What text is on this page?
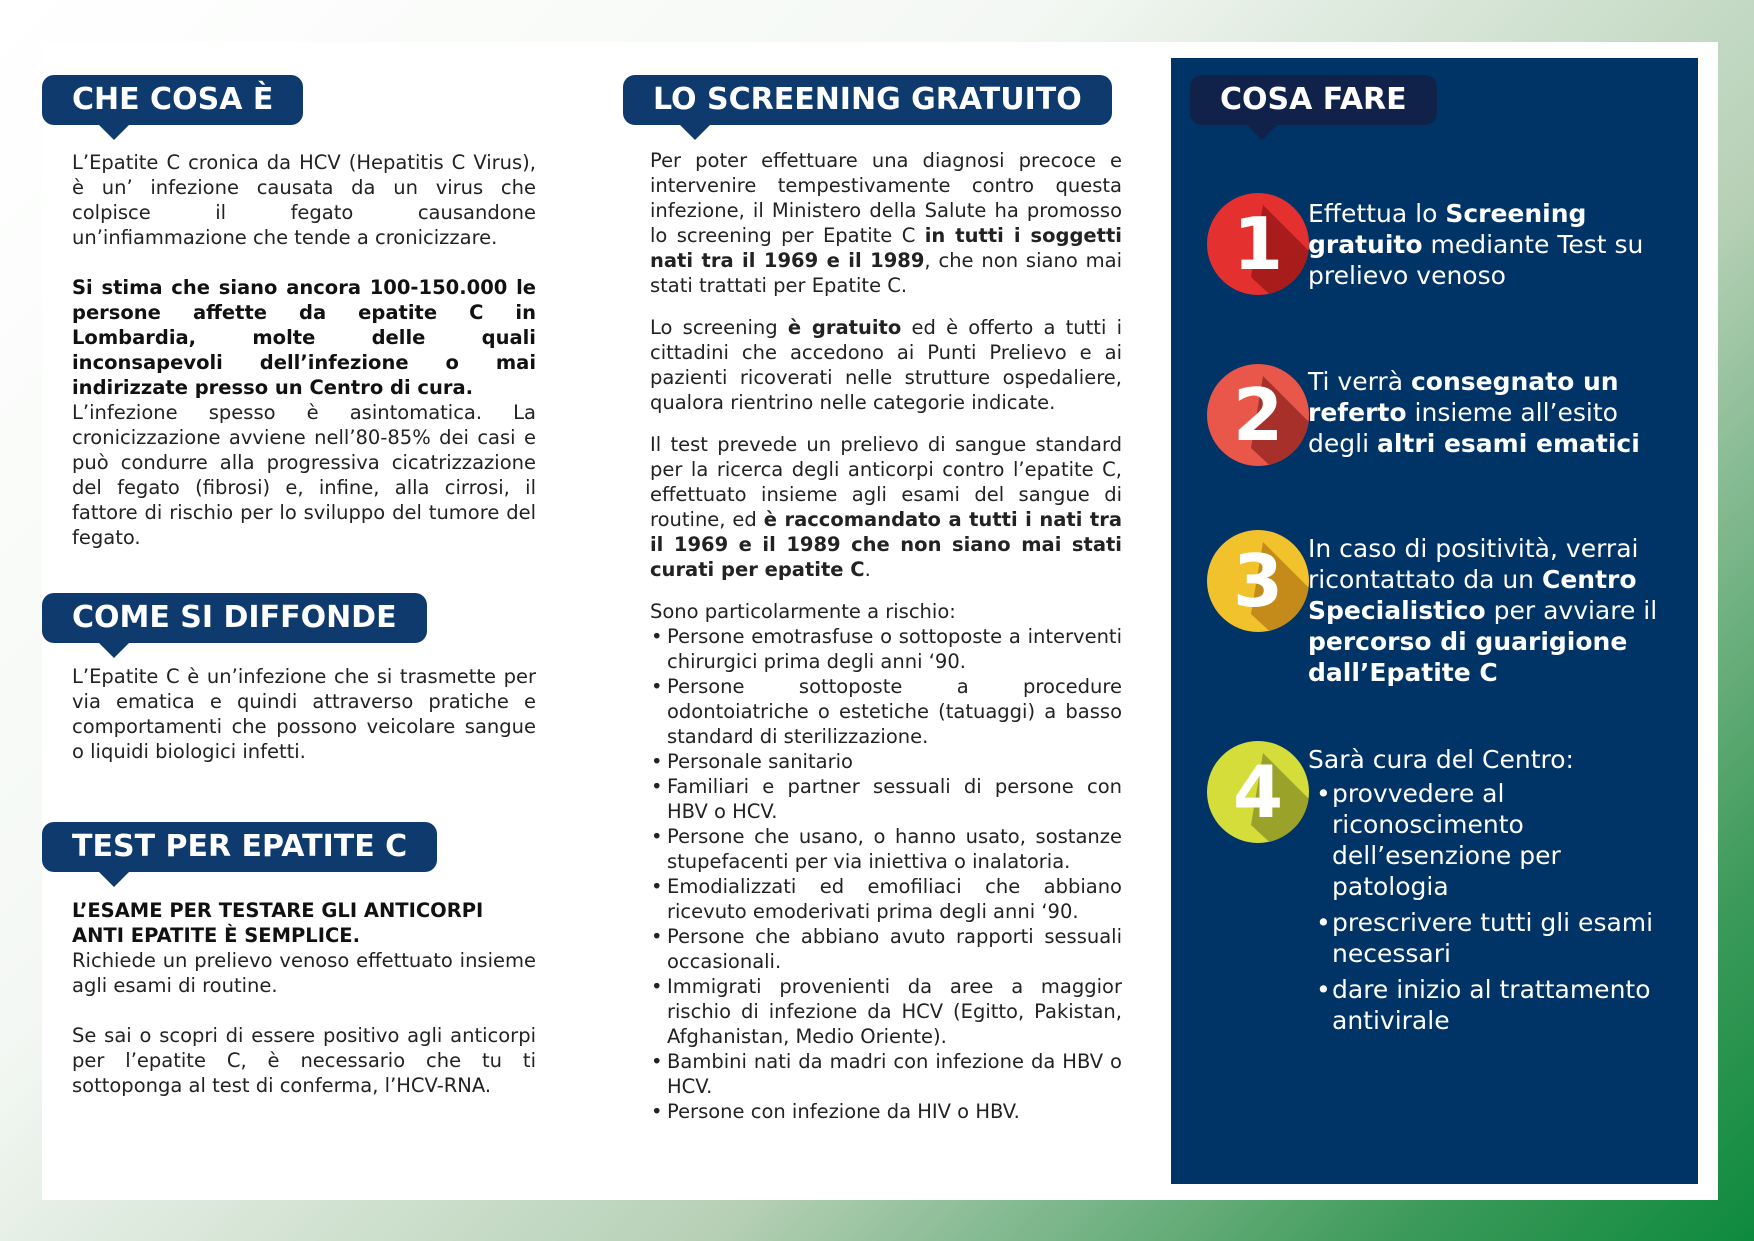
CHE COSA È

L’Epatite C cronica da HCV (Hepatitis C Virus), è un’ infezione causata da un virus che colpisce il fegato causandone un’infiammazione che tende a cronicizzare.

Si stima che siano ancora 100-150.000 le persone affette da epatite C in Lombardia, molte delle quali inconsapevoli dell’infezione o mai indirizzate presso un Centro di cura.

L’infezione spesso è asintomatica. La cronicizzazione avviene nell’80-85% dei casi e può condurre alla progressiva cicatrizzazione del fegato (fibrosi) e, infine, alla cirrosi, il fattore di rischio per lo sviluppo del tumore del fegato.

COME SI DIFFONDE

L’Epatite C è un’infezione che si trasmette per via ematica e quindi attraverso pratiche e comportamenti che possono veicolare sangue o liquidi biologici infetti.

TEST PER EPATITE C

L’ESAME PER TESTARE GLI ANTICORPI ANTI EPATITE È SEMPLICE.

Richiede un prelievo venoso effettuato insieme agli esami di routine.

Se sai o scopri di essere positivo agli anticorpi per l’epatite C, è necessario che tu ti sottoponga al test di conferma, l’HCV-RNA.

LO SCREENING GRATUITO

Per poter effettuare una diagnosi precoce e intervenire tempestivamente contro questa infezione, il Ministero della Salute ha promosso lo screening per Epatite C in tutti i soggetti nati tra il 1969 e il 1989, che non siano mai stati trattati per Epatite C.

Lo screening è gratuito ed è offerto a tutti i cittadini che accedono ai Punti Prelievo e ai pazienti ricoverati nelle strutture ospedaliere, qualora rientrino nelle categorie indicate.

Il test prevede un prelievo di sangue standard per la ricerca degli anticorpi contro l’epatite C, effettuato insieme agli esami del sangue di routine, ed è raccomandato a tutti i nati tra il 1969 e il 1989 che non siano mai stati curati per epatite C.

Sono particolarmente a rischio:
• Persone emotrasfuse o sottoposte a interventi chirurgici prima degli anni ‘90.
• Persone sottoposte a procedure odontoiatriche o estetiche (tatuaggi) a basso standard di sterilizzazione.
• Personale sanitario
• Familiari e partner sessuali di persone con HBV o HCV.
• Persone che usano, o hanno usato, sostanze stupefacenti per via iniettiva o inalatoria.
• Emodializzati ed emofiliaci che abbiano ricevuto emoderivati prima degli anni ‘90.
• Persone che abbiano avuto rapporti sessuali occasionali.
• Immigrati provenienti da aree a maggior rischio di infezione da HCV (Egitto, Pakistan, Afghanistan, Medio Oriente).
• Bambini nati da madri con infezione da HBV o HCV.
• Persone con infezione da HIV o HBV.
COSA FARE
1 Effettua lo Screening gratuito mediante Test su prelievo venoso

2 Ti verrà consegnato un referto insieme all’esito degli altri esami ematici

3 In caso di positività, verrai ricontattato da un Centro Specialistico per avviare il percorso di guarigione dall’Epatite C

4 Sarà cura del Centro:
• provvedere al riconoscimento dell’esenzione per patologia
• prescrivere tutti gli esami necessari
• dare inizio al trattamento antivirale
